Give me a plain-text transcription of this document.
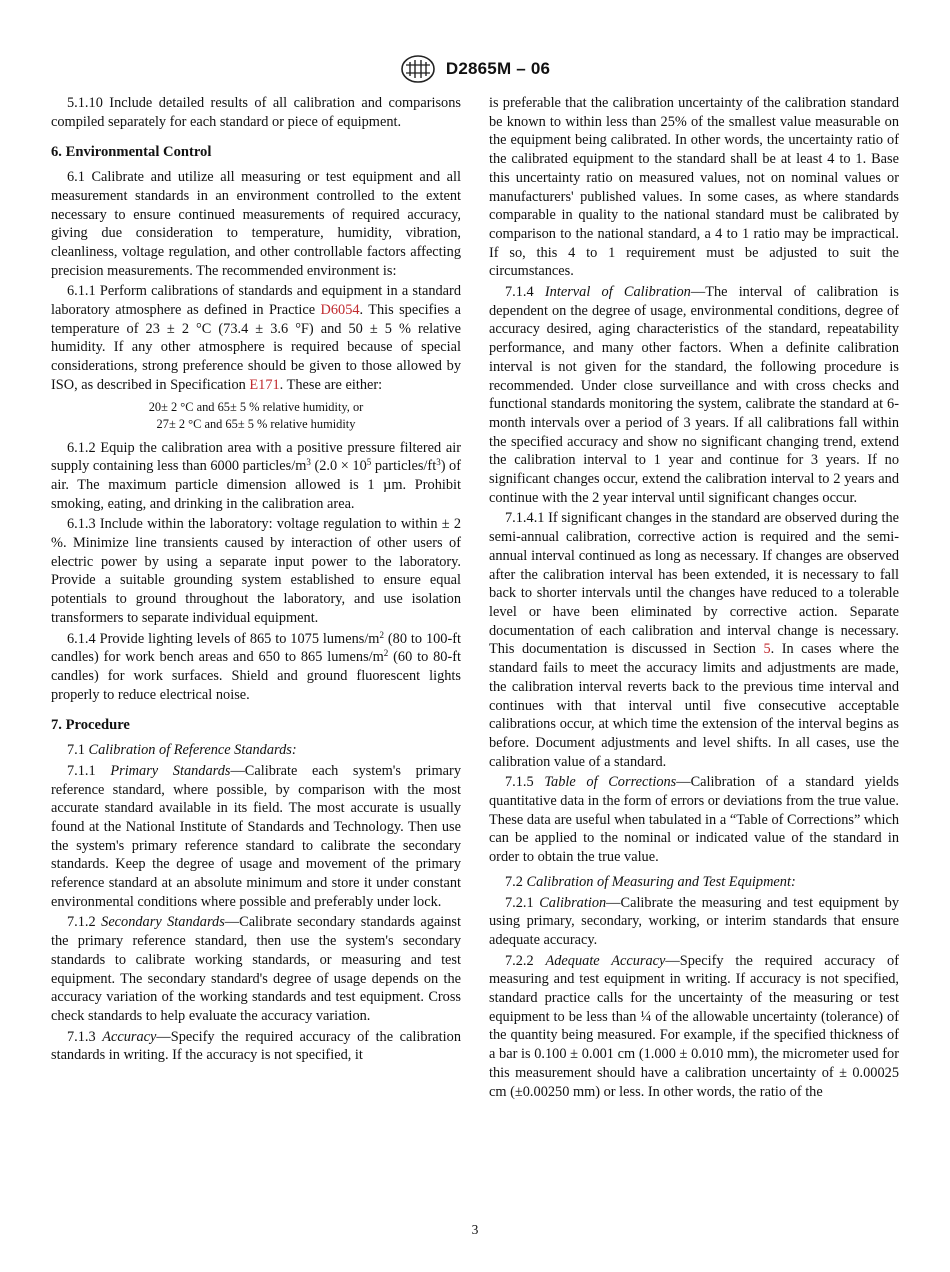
D2865M – 06

5.1.10 Include detailed results of all calibration and comparisons compiled separately for each standard or piece of equipment.

6. Environmental Control

6.1 Calibrate and utilize all measuring or test equipment and all measurement standards in an environment controlled to the extent necessary to ensure continued measurements of required accuracy, giving due consideration to temperature, humidity, vibration, cleanliness, voltage regulation, and other controllable factors affecting precision measurements. The recommended environment is:

6.1.1 Perform calibrations of standards and equipment in a standard laboratory atmosphere as defined in Practice D6054. This specifies a temperature of 23 ± 2 °C (73.4 ± 3.6 °F) and 50 ± 5 % relative humidity. If any other atmosphere is required because of special considerations, strong preference should be given to those allowed by ISO, as described in Specification E171. These are either:

20± 2 °C and 65± 5 % relative humidity, or
27± 2 °C and 65± 5 % relative humidity

6.1.2 Equip the calibration area with a positive pressure filtered air supply containing less than 6000 particles/$m^3$ ($2.0 \times 10^5$ particles/$ft^3$) of air. The maximum particle dimension allowed is 1 µm. Prohibit smoking, eating, and drinking in the calibration area.

6.1.3 Include within the laboratory: voltage regulation to within ± 2 %. Minimize line transients caused by interaction of other users of electric power by using a separate input power to the laboratory. Provide a suitable grounding system established to ensure equal potentials to ground throughout the laboratory, and use isolation transformers to separate individual equipment.

6.1.4 Provide lighting levels of 865 to 1075 lumens/$m^2$ (80 to 100-ft candles) for work bench areas and 650 to 865 lumens/$m^2$ (60 to 80-ft candles) for work surfaces. Shield and ground fluorescent lights properly to reduce electrical noise.

7. Procedure

7.1 Calibration of Reference Standards:

7.1.1 Primary Standards—Calibrate each system's primary reference standard, where possible, by comparison with the most accurate standard available in its field. The most accurate is usually found at the National Institute of Standards and Technology. Then use the system's primary reference standard to calibrate the secondary standards. Keep the degree of usage and movement of the primary reference standard at an absolute minimum and store it under constant environmental conditions where possible and preferably under lock.

7.1.2 Secondary Standards—Calibrate secondary standards against the primary reference standard, then use the system's secondary standards to calibrate working standards, or measuring and test equipment. The secondary standard's degree of usage depends on the accuracy variation of the working standards and test equipment. Cross check standards to help evaluate the accuracy variation.

7.1.3 Accuracy—Specify the required accuracy of the calibration standards in writing. If the accuracy is not specified, it

is preferable that the calibration uncertainty of the calibration standard be known to within less than 25% of the smallest value measurable on the equipment being calibrated. In other words, the uncertainty ratio of the calibrated equipment to the standard shall be at least 4 to 1. Base this uncertainty ratio on measured values, not on nominal values or manufacturers' published values. In some cases, as where standards comparable in quality to the national standard must be calibrated by comparison to the national standard, a 4 to 1 ratio may be impractical. If so, this 4 to 1 requirement must be adjusted to suit the circumstances.

7.1.4 Interval of Calibration—The interval of calibration is dependent on the degree of usage, environmental conditions, degree of accuracy desired, aging characteristics of the standard, repeatability performance, and many other factors. When a definite calibration interval is not given for the standard, the following procedure is recommended. Under close surveillance and with cross checks and functional standards monitoring the system, calibrate the standard at 6-month intervals over a period of 3 years. If all calibrations fall within the specified accuracy and show no significant changing trend, extend the calibration interval to 1 year and continue for 3 years. If no significant changes occur, extend the calibration interval to 2 years and continue with the 2 year interval until significant changes occur.

7.1.4.1 If significant changes in the standard are observed during the semi-annual calibration, corrective action is required and the semi-annual interval continued as long as necessary. If changes are observed after the calibration interval has been extended, it is necessary to fall back to shorter intervals until the changes have reduced to a tolerable level or have been eliminated by corrective action. Separate documentation of each calibration and interval change is necessary. This documentation is discussed in Section 5. In cases where the standard fails to meet the accuracy limits and adjustments are made, the calibration interval reverts back to the previous time interval and continues with that interval until five consecutive acceptable calibrations occur, at which time the extension of the interval begins as before. Document adjustments and level shifts. In all cases, use the calibration value of a standard.

7.1.5 Table of Corrections—Calibration of a standard yields quantitative data in the form of errors or deviations from the true value. These data are useful when tabulated in a “Table of Corrections” which can be applied to the nominal or indicated value of the standard in order to obtain the true value.

7.2 Calibration of Measuring and Test Equipment:

7.2.1 Calibration—Calibrate the measuring and test equipment by using primary, secondary, working, or interim standards that ensure adequate accuracy.

7.2.2 Adequate Accuracy—Specify the required accuracy of measuring and test equipment in writing. If accuracy is not specified, standard practice calls for the uncertainty of the measuring or test equipment to be less than ¼ of the allowable uncertainty (tolerance) of the quantity being measured. For example, if the specified thickness of a bar is 0.100 ± 0.001 cm (1.000 ± 0.010 mm), the micrometer used for this measurement should have a calibration uncertainty of ± 0.00025 cm (±0.00250 mm) or less. In other words, the ratio of the

3
